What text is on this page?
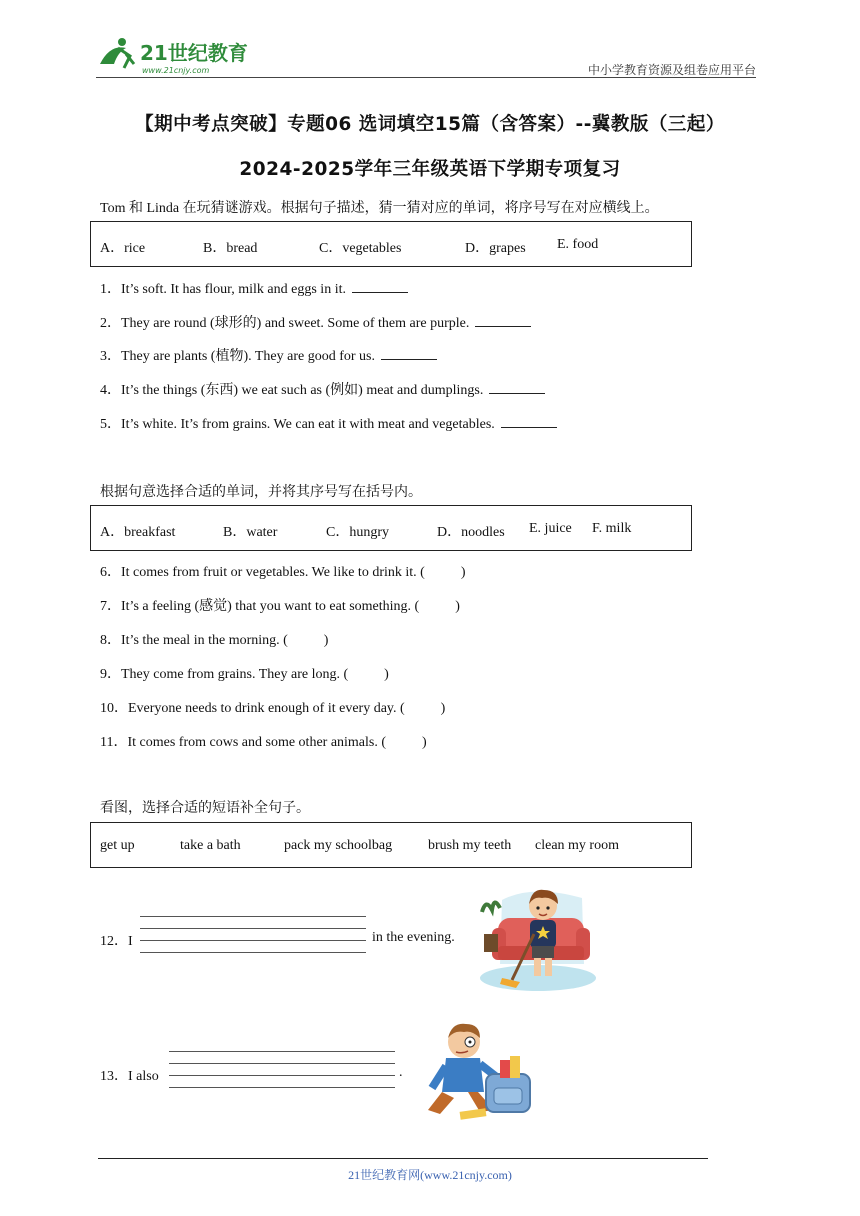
21世纪教育
www.21cnjy.com	中小学教育资源及组卷应用平台
【期中考点突破】专题06 选词填空15篇（含答案）--冀教版（三起）
2024-2025学年三年级英语下学期专项复习
Tom 和 Linda 在玩猜谜游戏。根据句子描述，猜一猜对应的单词，将序号写在对应横线上。
A．rice	B．bread	C．vegetables	D．grapes E. food
1．It’s soft. It has flour, milk and eggs in it.
2．They are round (球形的) and sweet. Some of them are purple.
3．They are plants (植物). They are good for us.
4．It’s the things (东西) we eat such as (例如) meat and dumplings.
5．It’s white. It’s from grains. We can eat it with meat and vegetables.
根据句意选择合适的单词，并将其序号写在括号内。
A．breakfast	B．water	C．hungry	D．noodles E. juice F. milk
6．It comes from fruit or vegetables. We like to drink it. (	)
7．It’s a feeling (感觉) that you want to eat something. (	)
8．It’s the meal in the morning. (	)
9．They come from grains. They are long. (	)
10．Everyone needs to drink enough of it every day. (	)
11．It comes from cows and some other animals. (	)
看图，选择合适的短语补全句子。
get up	take a bath	pack my schoolbag	brush my teeth clean my room
12．I	in the evening.
13．I also	.
21世纪教育网(www.21cnjy.com)
